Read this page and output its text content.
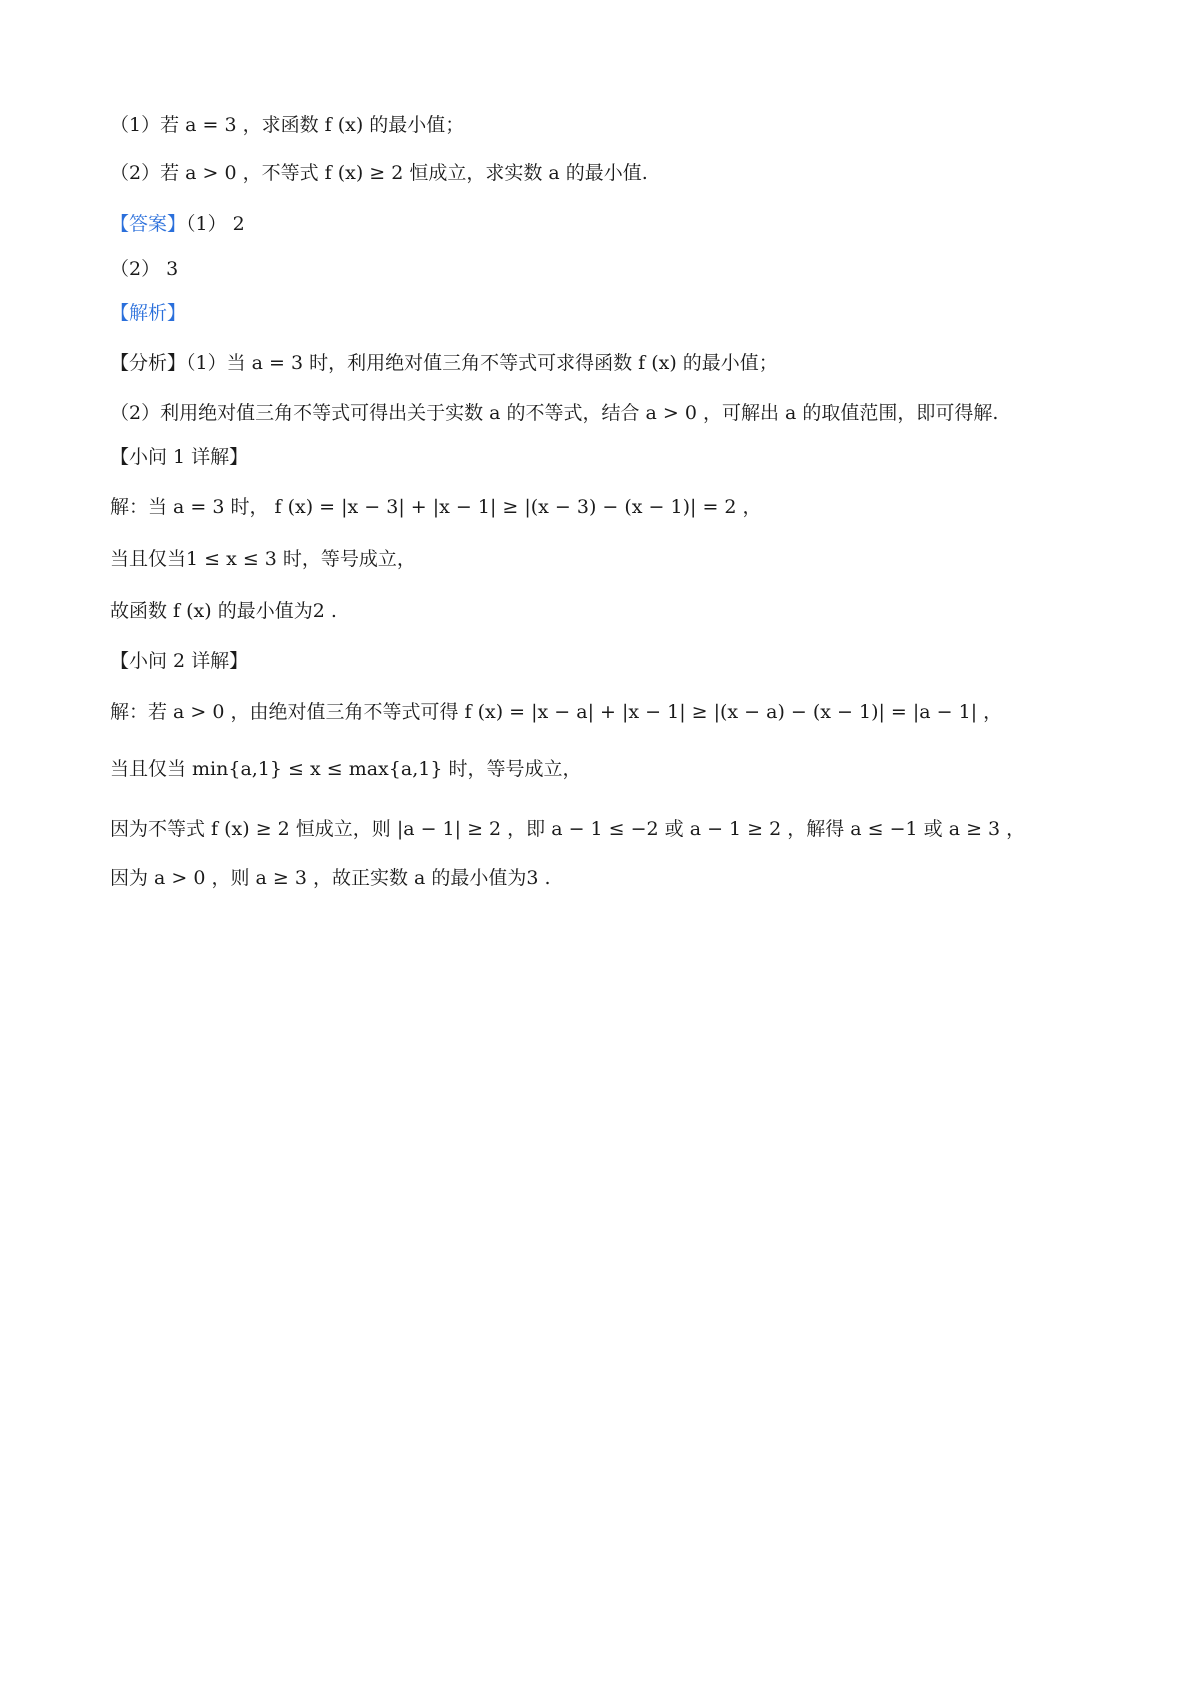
（1）若 a = 3 ，求函数 f (x) 的最小值；
（2）若 a > 0 ，不等式 f (x) ≥ 2 恒成立，求实数 a 的最小值.
【答案】（1） 2
（2） 3
【解析】
【分析】（1）当 a = 3 时，利用绝对值三角不等式可求得函数 f (x) 的最小值；
（2）利用绝对值三角不等式可得出关于实数 a 的不等式，结合 a > 0 ，可解出 a 的取值范围，即可得解.
【小问 1 详解】
解：当 a = 3 时， f (x) = |x − 3| + |x − 1| ≥ |(x − 3) − (x − 1)| = 2 ，
当且仅当1 ≤ x ≤ 3 时，等号成立，
故函数 f (x) 的最小值为2 .
【小问 2 详解】
解：若 a > 0 ，由绝对值三角不等式可得 f (x) = |x − a| + |x − 1| ≥ |(x − a) − (x − 1)| = |a − 1| ，
当且仅当 min{a,1} ≤ x ≤ max{a,1} 时，等号成立，
因为不等式 f (x) ≥ 2 恒成立，则 |a − 1| ≥ 2 ，即 a − 1 ≤ −2 或 a − 1 ≥ 2 ，解得 a ≤ −1 或 a ≥ 3 ，
因为 a > 0 ，则 a ≥ 3 ，故正实数 a 的最小值为3 .
